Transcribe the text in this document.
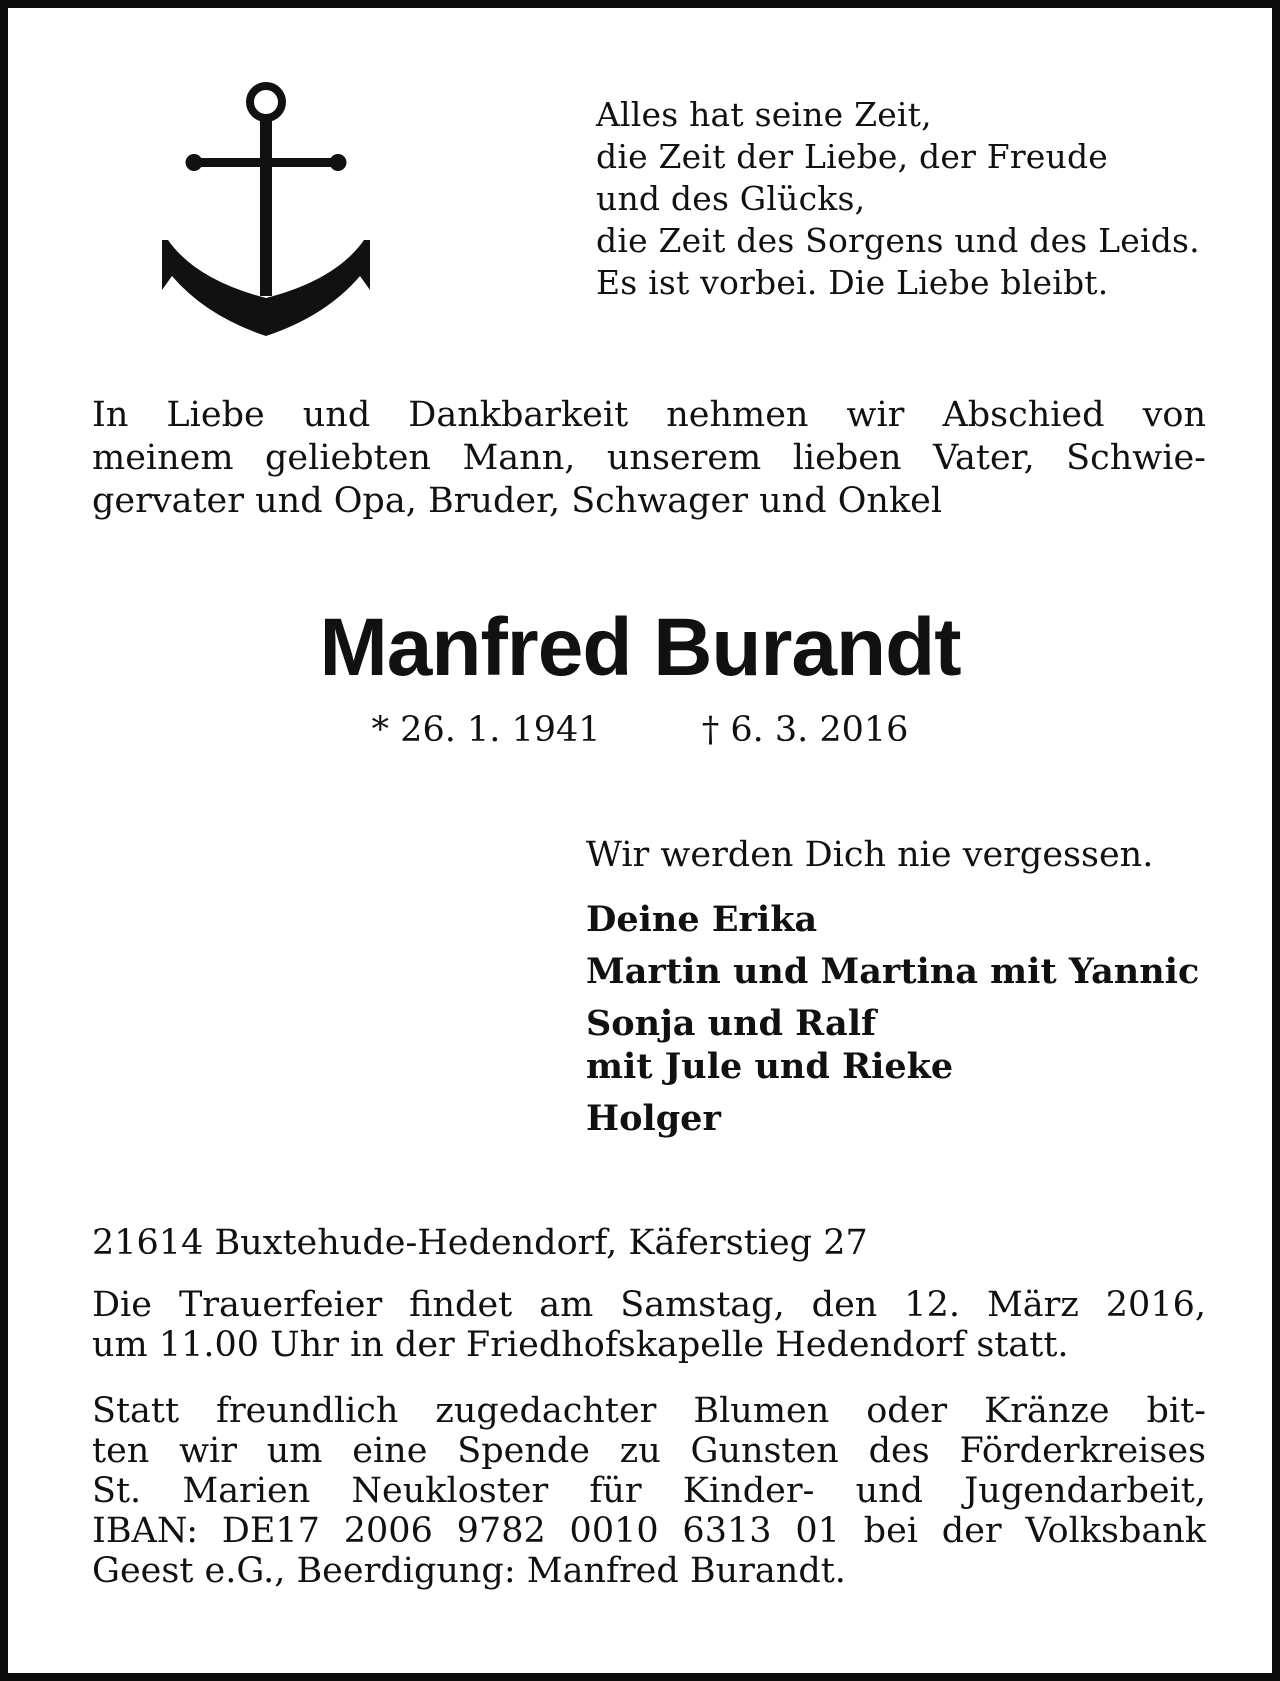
Alles hat seine Zeit,
die Zeit der Liebe, der Freude
und des Glücks,
die Zeit des Sorgens und des Leids.
Es ist vorbei. Die Liebe bleibt.
In Liebe und Dankbarkeit nehmen wir Abschied von
meinem geliebten Mann, unserem lieben Vater, Schwie-
gervater und Opa, Bruder, Schwager und Onkel
Manfred Burandt
* 26. 1. 1941	† 6. 3. 2016
Wir werden Dich nie vergessen.
Deine Erika
Martin und Martina mit Yannic
Sonja und Ralf
mit Jule und Rieke
Holger
21614 Buxtehude-Hedendorf, Käferstieg 27
Die Trauerfeier findet am Samstag, den 12. März 2016,
um 11.00 Uhr in der Friedhofskapelle Hedendorf statt.
Statt freundlich zugedachter Blumen oder Kränze bit-
ten wir um eine Spende zu Gunsten des Förderkreises
St. Marien Neukloster für Kinder- und Jugendarbeit,
IBAN: DE17 2006 9782 0010 6313 01 bei der Volksbank
Geest e.G., Beerdigung: Manfred Burandt.
